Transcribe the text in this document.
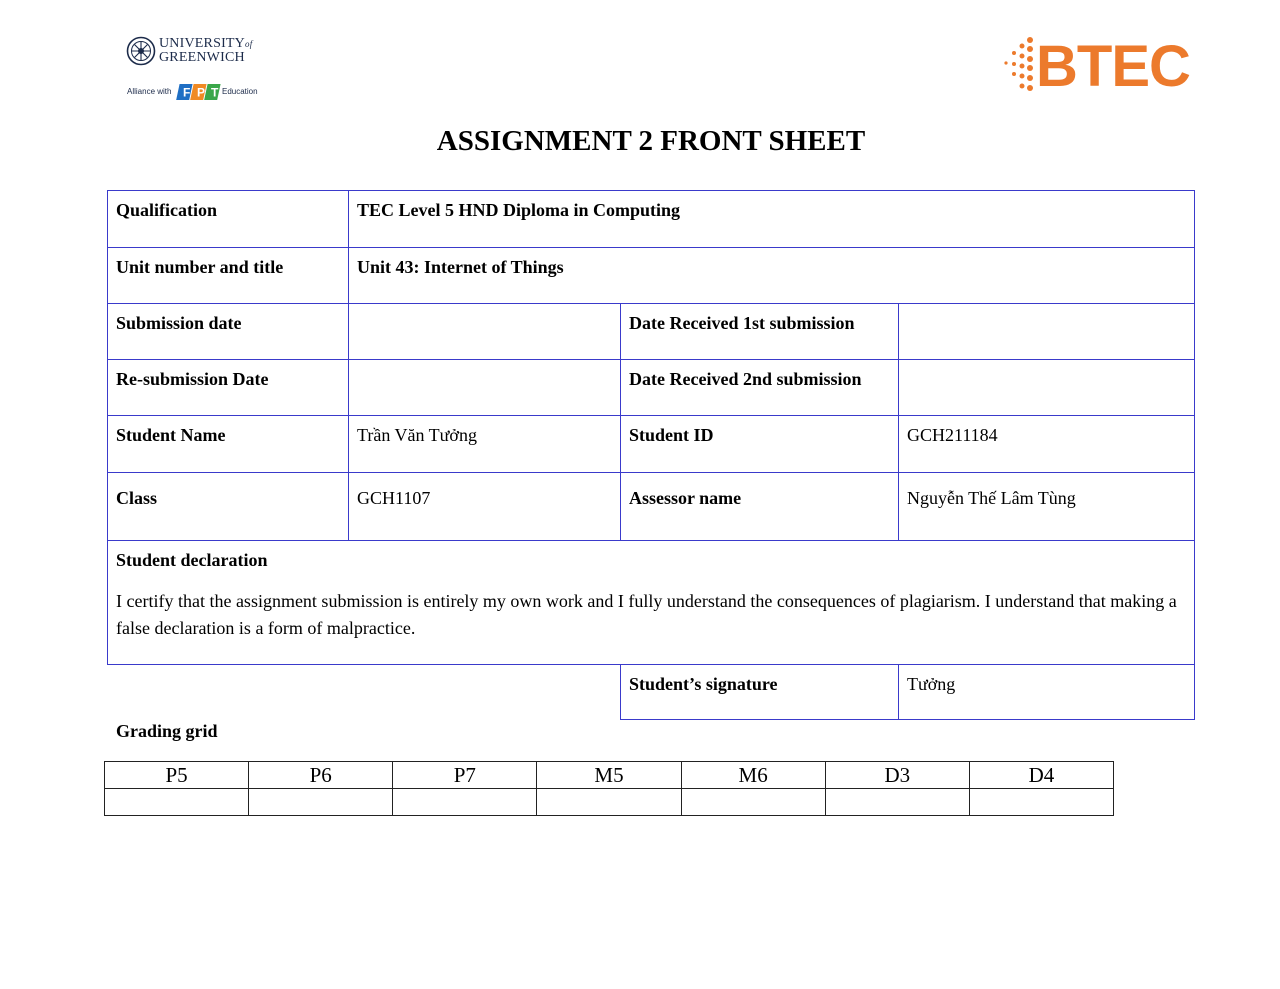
UNIVERSITYof
GREENWICH
Alliance with F P T Education	BTEC
ASSIGNMENT 2 FRONT SHEET
Qualification	TEC Level 5 HND Diploma in Computing		
Unit number and title	Unit 43: Internet of Things		
Submission date		Date Received 1st submission	
Re-submission Date		Date Received 2nd submission	
Student Name	Trần Văn Tưởng	Student ID	GCH211184
Class	GCH1107	Assessor name	Nguyễn Thế Lâm Tùng

Student declaration

I certify that the assignment submission is entirely my own work and I fully understand the consequences of plagiarism. I understand that making a false declaration is a form of malpractice.			

		Student’s signature	Tưởng
Grading grid
P5	P6	P7	M5	M6	D3	D4
